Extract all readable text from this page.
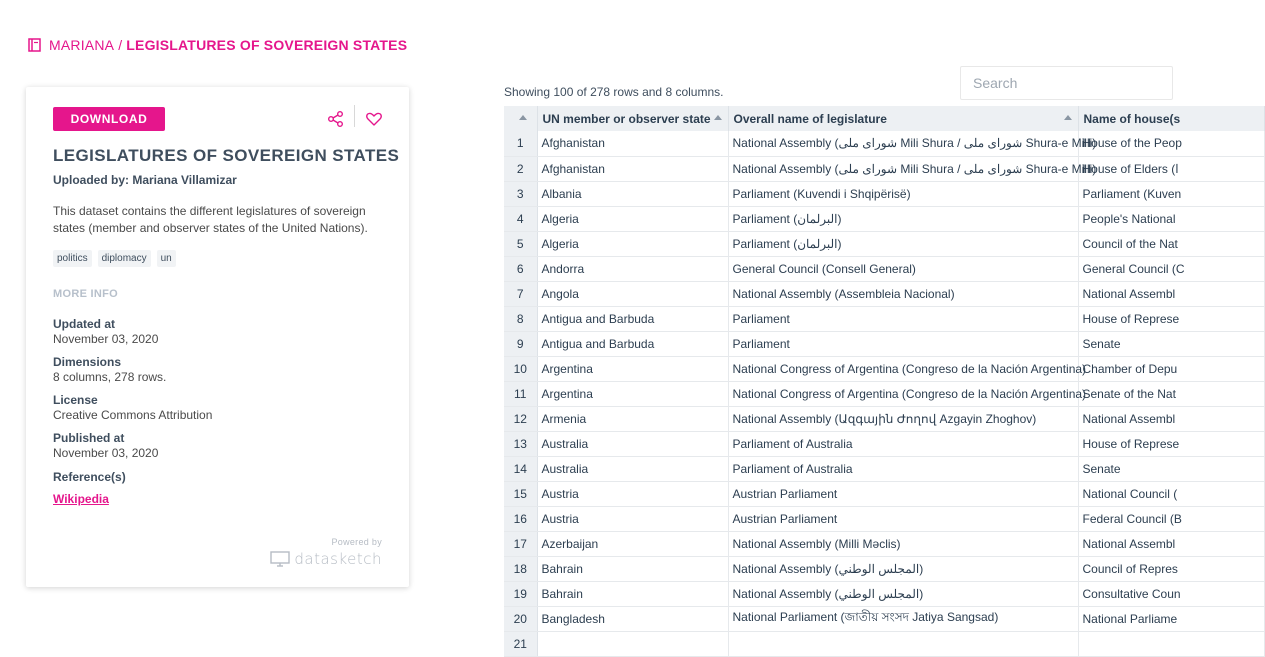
MARIANA / LEGISLATURES OF SOVEREIGN STATES
DOWNLOAD
LEGISLATURES OF SOVEREIGN STATES
Uploaded by: Mariana Villamizar
This dataset contains the different legislatures of sovereign states (member and observer states of the United Nations).
politics	diplomacy	un
MORE INFO
Updated at
November 03, 2020
Dimensions
8 columns, 278 rows.
License
Creative Commons Attribution
Published at
November 03, 2020
Reference(s)
Wikipedia
Powered by
datasketch
Showing 100 of 278 rows and 8 columns.
Search
	UN member or observer state	Overall name of legislature	Name of house(s
1	Afghanistan	National Assembly (شورای ملی Mili Shura / شورای ملی Shura-e Milli)	House of the Peop
2	Afghanistan	National Assembly (شورای ملی Mili Shura / شورای ملی Shura-e Milli)	House of Elders (ا
3	Albania	Parliament (Kuvendi i Shqipërisë)	Parliament (Kuven
4	Algeria	Parliament (البرلمان)	People's National
5	Algeria	Parliament (البرلمان)	Council of the Nat
6	Andorra	General Council (Consell General)	General Council (C
7	Angola	National Assembly (Assembleia Nacional)	National Assembl
8	Antigua and Barbuda	Parliament	House of Represe
9	Antigua and Barbuda	Parliament	Senate
10	Argentina	National Congress of Argentina (Congreso de la Nación Argentina)	Chamber of Depu
11	Argentina	National Congress of Argentina (Congreso de la Nación Argentina)	Senate of the Nat
12	Armenia	National Assembly (Ազգային Ժողով Azgayin Zhoghov)	National Assembl
13	Australia	Parliament of Australia	House of Represe
14	Australia	Parliament of Australia	Senate
15	Austria	Austrian Parliament	National Council (
16	Austria	Austrian Parliament	Federal Council (B
17	Azerbaijan	National Assembly (Milli Məclis)	National Assembl
18	Bahrain	National Assembly (المجلس الوطني)	Council of Repres
19	Bahrain	National Assembly (المجلس الوطني)	Consultative Coun
20	Bangladesh	National Parliament (জাতীয় সংসদ Jatiya Sangsad)	National Parliame
21			
